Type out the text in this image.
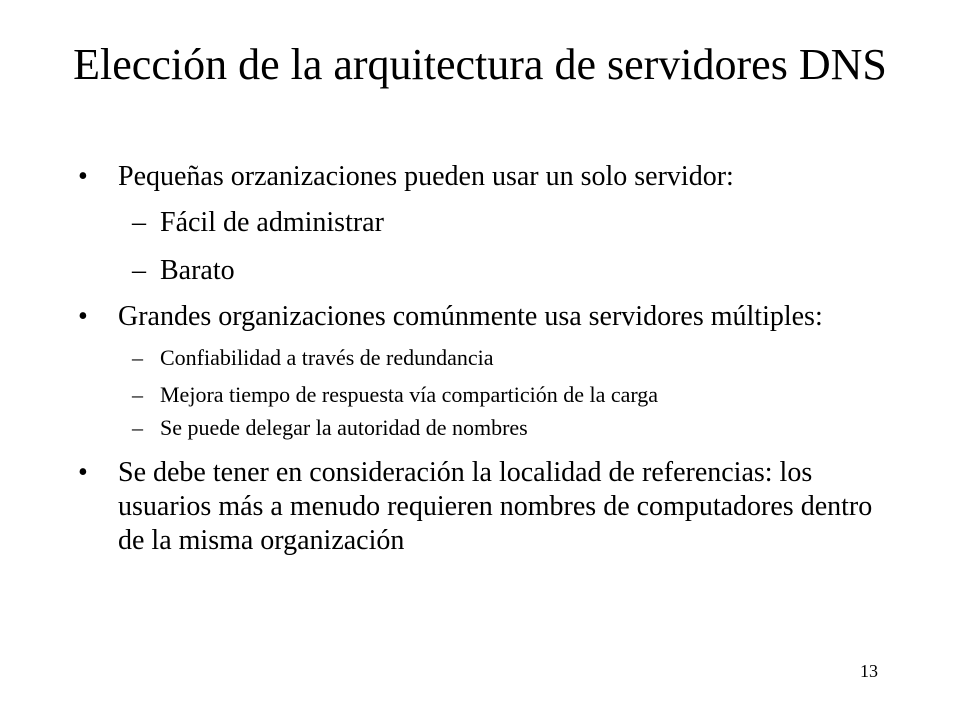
Elección de la arquitectura de servidores DNS
• Pequeñas orzanizaciones pueden usar un solo servidor:
– Fácil de administrar
– Barato
• Grandes organizaciones comúnmente usa servidores múltiples:
– Confiabilidad a través de redundancia
– Mejora tiempo de respuesta vía compartición de la carga
– Se puede delegar la autoridad de nombres
• Se debe tener en consideración la localidad de referencias: los usuarios más a menudo requieren nombres de computadores dentro de la misma organización
13
